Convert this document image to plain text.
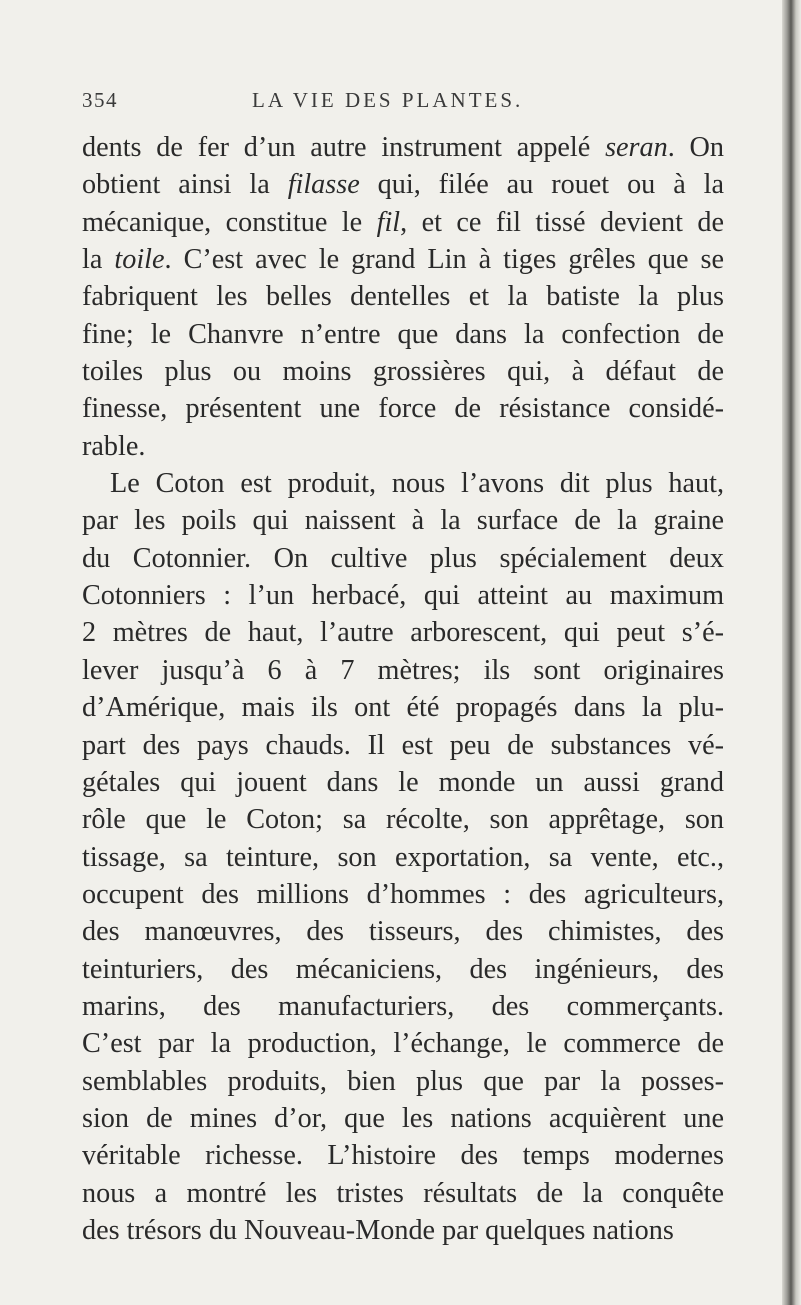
354	LA VIE DES PLANTES.
dents de fer d’un autre instrument appelé seran. On
obtient ainsi la filasse qui, filée au rouet ou à la
mécanique, constitue le fil, et ce fil tissé devient de
la toile. C’est avec le grand Lin à tiges grêles que se
fabriquent les belles dentelles et la batiste la plus
fine; le Chanvre n’entre que dans la confection de
toiles plus ou moins grossières qui, à défaut de
finesse, présentent une force de résistance considé-
rable.
Le Coton est produit, nous l’avons dit plus haut,
par les poils qui naissent à la surface de la graine
du Cotonnier. On cultive plus spécialement deux
Cotonniers : l’un herbacé, qui atteint au maximum
2 mètres de haut, l’autre arborescent, qui peut s’é-
lever jusqu’à 6 à 7 mètres; ils sont originaires
d’Amérique, mais ils ont été propagés dans la plu-
part des pays chauds. Il est peu de substances vé-
gétales qui jouent dans le monde un aussi grand
rôle que le Coton; sa récolte, son apprêtage, son
tissage, sa teinture, son exportation, sa vente, etc.,
occupent des millions d’hommes : des agriculteurs,
des manœuvres, des tisseurs, des chimistes, des
teinturiers, des mécaniciens, des ingénieurs, des
marins, des manufacturiers, des commerçants.
C’est par la production, l’échange, le commerce de
semblables produits, bien plus que par la posses-
sion de mines d’or, que les nations acquièrent une
véritable richesse. L’histoire des temps modernes
nous a montré les tristes résultats de la conquête
des trésors du Nouveau-Monde par quelques nations
